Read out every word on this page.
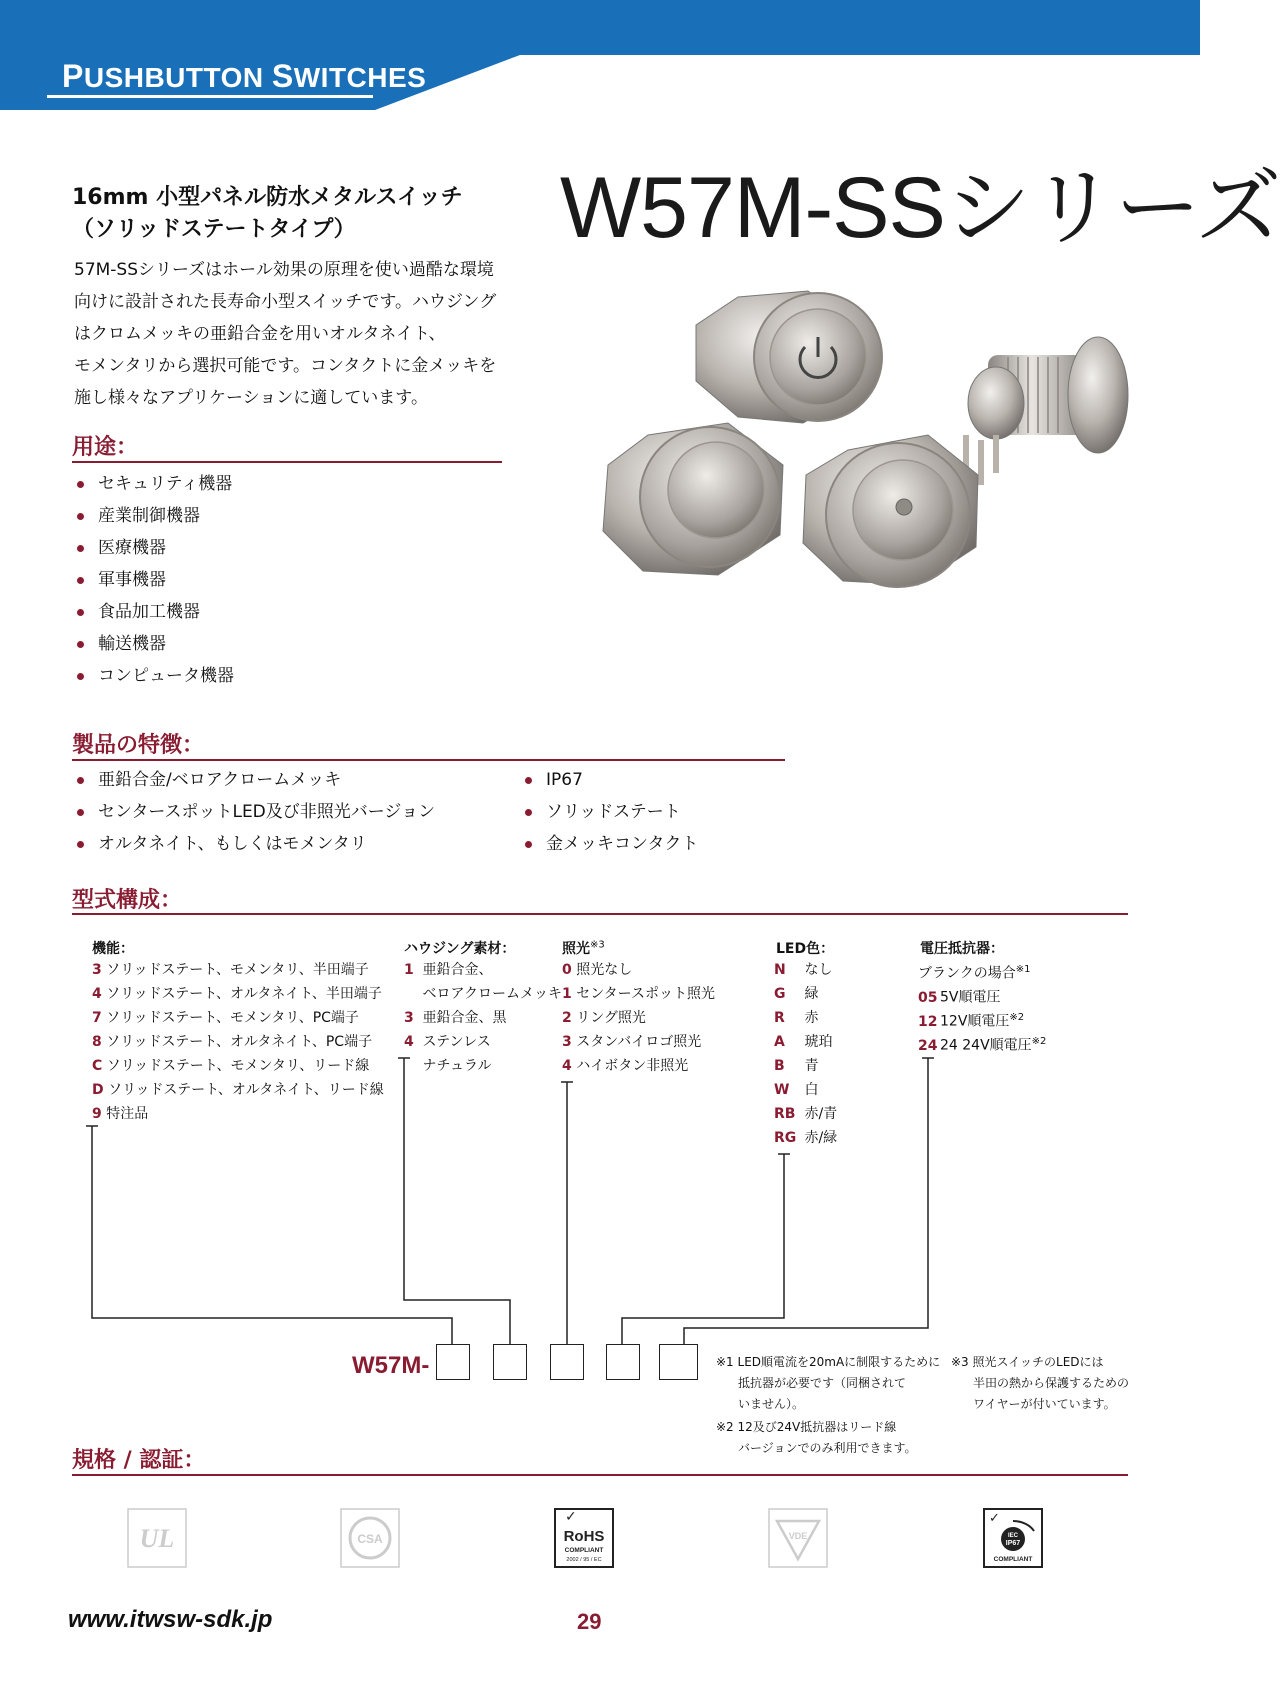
PUSHBUTTON SWITCHES
W57M-SSシリーズ
16mm 小型パネル防水メタルスイッチ
（ソリッドステートタイプ）
57M-SSシリーズはホール効果の原理を使い過酷な環境
向けに設計された長寿命小型スイッチです。ハウジング
はクロムメッキの亜鉛合金を用いオルタネイト、
モメンタリから選択可能です。コンタクトに金メッキを
施し様々なアプリケーションに適しています。
用途：
セキュリティ機器
産業制御機器
医療機器
軍事機器
食品加工機器
輸送機器
コンピュータ機器
製品の特徴：
亜鉛合金/ベロアクロームメッキ
センタースポットLED及び非照光バージョン
オルタネイト、もしくはモメンタリ
IP67
ソリッドステート
金メッキコンタクト
型式構成：
機能：
3 ソリッドステート、モメンタリ、半田端子
4 ソリッドステート、オルタネイト、半田端子
7 ソリッドステート、モメンタリ、PC端子
8 ソリッドステート、オルタネイト、PC端子
C ソリッドステート、モメンタリ、リード線
D ソリッドステート、オルタネイト、リード線
9 特注品
ハウジング素材：
1 亜鉛合金、
ベロアクロームメッキ
3 亜鉛合金、黒
4 ステンレス
ナチュラル
照光$^{※3}$
0 照光なし
1 センタースポット照光
2 リング照光
3 スタンバイロゴ照光
4 ハイボタン非照光
LED色：
N なし
G 緑
R 赤
A 琥珀
B 青
W 白
RB 赤/青
RG 赤/緑
電圧抵抗器：
ブランクの場合$^{※1}$
05 5V順電圧
12 12V順電圧$^{※2}$
24 24 24V順電圧$^{※2}$
W57M-	※1 LED順電流を20mAに制限するために
抵抗器が必要です（同梱されて
いません）。
※2 12及び24V抵抗器はリード線
バージョンでのみ利用できます。
※3 照光スイッチのLEDには
半田の熱から保護するための
ワイヤーが付いています。
規格 / 認証：
UL	CSA
✓
RoHS
COMPLIANT
2002 / 95 / EC
VDE
✓
IEC
IP67
COMPLIANT
www.itwsw-sdk.jp	29
